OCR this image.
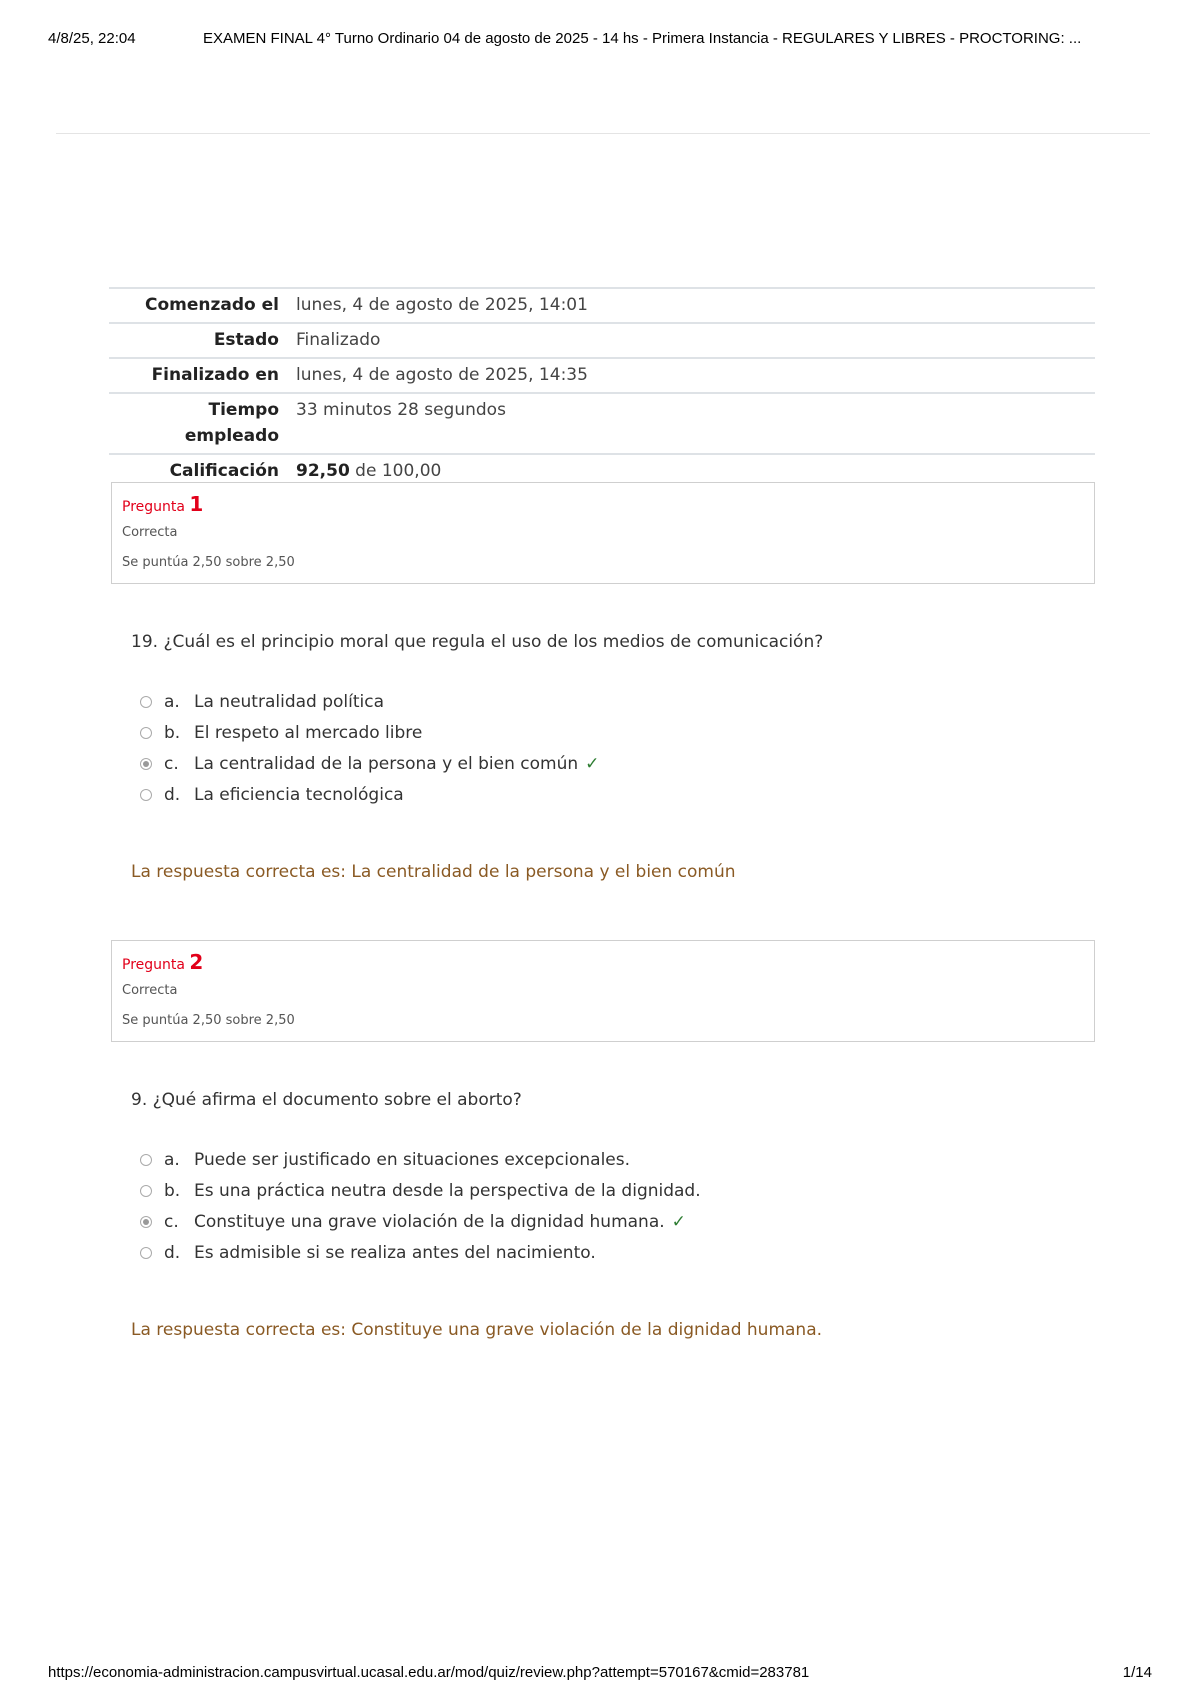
4/8/25, 22:04	EXAMEN FINAL 4° Turno Ordinario 04 de agosto de 2025 - 14 hs - Primera Instancia - REGULARES Y LIBRES - PROCTORING: ...
Comenzado el	lunes, 4 de agosto de 2025, 14:01
Estado	Finalizado
Finalizado en	lunes, 4 de agosto de 2025, 14:35
Tiempo empleado	33 minutos 28 segundos
Calificación	92,50 de 100,00
Pregunta 1
Correcta
Se puntúa 2,50 sobre 2,50
19. ¿Cuál es el principio moral que regula el uso de los medios de comunicación?
a. La neutralidad política
b. El respeto al mercado libre
c. La centralidad de la persona y el bien común ✓
d. La eficiencia tecnológica
La respuesta correcta es: La centralidad de la persona y el bien común
Pregunta 2
Correcta
Se puntúa 2,50 sobre 2,50
9. ¿Qué afirma el documento sobre el aborto?
a. Puede ser justificado en situaciones excepcionales.
b. Es una práctica neutra desde la perspectiva de la dignidad.
c. Constituye una grave violación de la dignidad humana. ✓
d. Es admisible si se realiza antes del nacimiento.
La respuesta correcta es: Constituye una grave violación de la dignidad humana.
https://economia-administracion.campusvirtual.ucasal.edu.ar/mod/quiz/review.php?attempt=570167&cmid=283781	1/14
